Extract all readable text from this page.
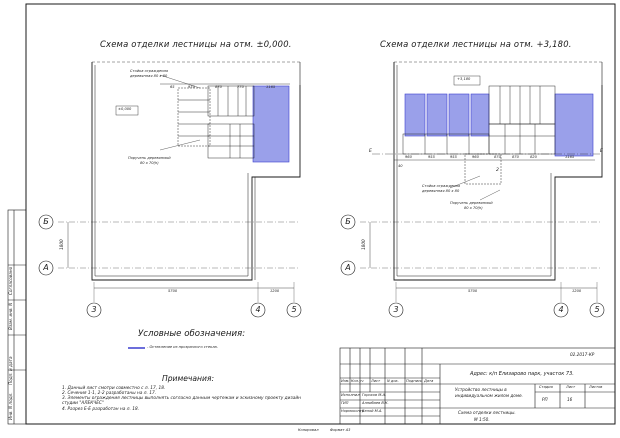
Схема отделки лестницы на отм. ±0,000.	Схема отделки лестницы на отм. +3,180.
±0,000
+3,180
Стойка ограждения
деревянная 80 х 80
Поручень деревянный
80 х 70(h)
65	970	870	770	1165
5700	1200
1800
Стойка ограждения
деревянная 80 х 80
Поручень деревянный
80 х 70(h)
Е	Е
2
40
960	955	955	960	870	870	820	1165
5700	1200
1800
Б
А
Б
А
3	4	5	3	4	5
Условные обозначения:
- Остекление из прозрачного стекла.
Примечания:
1. Данный лист смотри совместно с л. 17, 18.
2. Сечения 1-1, 2-2 разработаны на л. 17.
3. Элементы ограждения лестницы выполнять согласно данным чертежам и эскизному проекту дизайн
студии "АЛЕКЧЕС"
4. Разрез Е-Е разработан на л. 18.
02.2017-КР
Адрес: к/п Елизарово парк, участок 73.
Устройство лестницы в
индивидуальном жилом доме.
Схема отделки лестницы.
М 1:50.
Стадия	Лист	Листов
РП	16
Изм. Кол.уч Лист N док. Подпись Дата
Исполнил Горохов М.А.
ГИП	Алпибаев В.К.
Нормоконтр
Белой М.А.
Инв. N подл.
Подп. и дата
Взам. инв. N
Согласовано
Копировал	Формат А3
